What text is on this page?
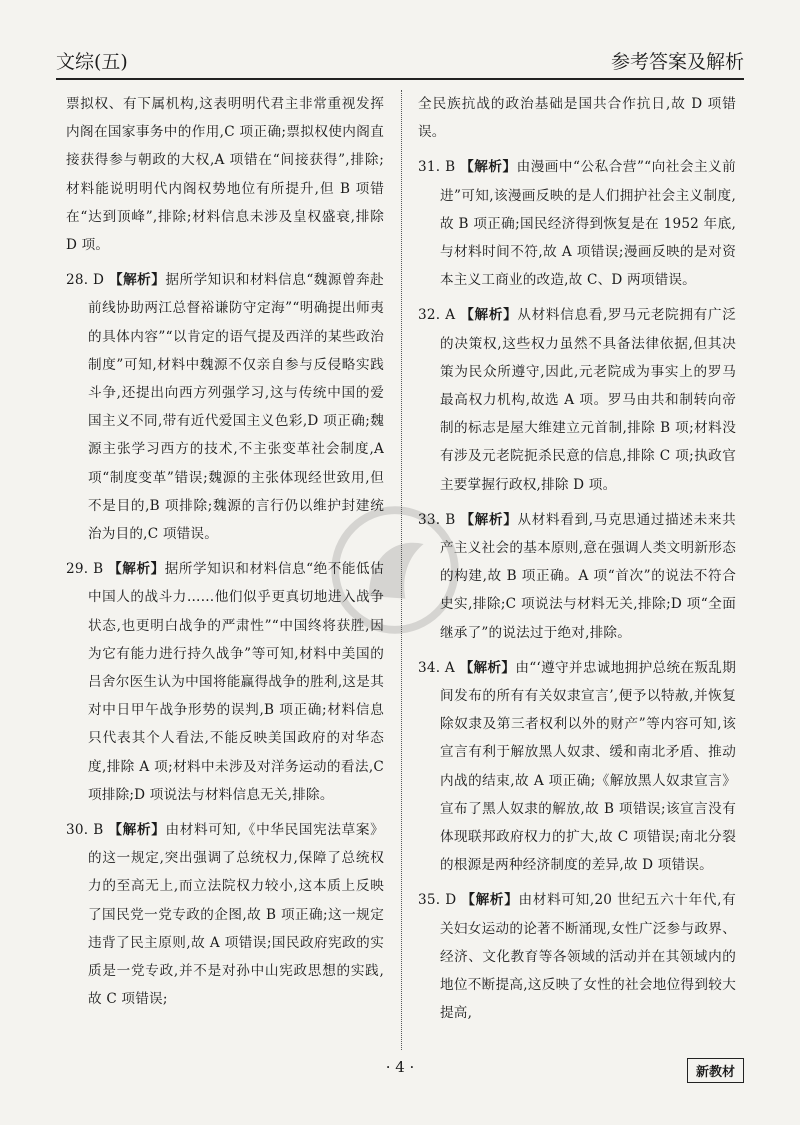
文综(五)	参考答案及解析

票拟权、有下属机构,这表明明代君主非常重视发挥内阁在国家事务中的作用,C 项正确;票拟权使内阁直接获得参与朝政的大权,A 项错在“间接获得”,排除;材料能说明明代内阁权势地位有所提升,但 B 项错在“达到顶峰”,排除;材料信息未涉及皇权盛衰,排除 D 项。

28. D 【解析】据所学知识和材料信息“魏源曾奔赴前线协助两江总督裕谦防守定海”“明确提出师夷的具体内容”“以肯定的语气提及西洋的某些政治制度”可知,材料中魏源不仅亲自参与反侵略实践斗争,还提出向西方列强学习,这与传统中国的爱国主义不同,带有近代爱国主义色彩,D 项正确;魏源主张学习西方的技术,不主张变革社会制度,A 项“制度变革”错误;魏源的主张体现经世致用,但不是目的,B 项排除;魏源的言行仍以维护封建统治为目的,C 项错误。

29. B 【解析】据所学知识和材料信息“绝不能低估中国人的战斗力……他们似乎更真切地进入战争状态,也更明白战争的严肃性”“中国终将获胜,因为它有能力进行持久战争”等可知,材料中美国的吕舍尔医生认为中国将能赢得战争的胜利,这是其对中日甲午战争形势的误判,B 项正确;材料信息只代表其个人看法,不能反映美国政府的对华态度,排除 A 项;材料中未涉及对洋务运动的看法,C 项排除;D 项说法与材料信息无关,排除。

30. B 【解析】由材料可知,《中华民国宪法草案》的这一规定,突出强调了总统权力,保障了总统权力的至高无上,而立法院权力较小,这本质上反映了国民党一党专政的企图,故 B 项正确;这一规定违背了民主原则,故 A 项错误;国民政府宪政的实质是一党专政,并不是对孙中山宪政思想的实践,故 C 项错误;

全民族抗战的政治基础是国共合作抗日,故 D 项错误。

31. B 【解析】由漫画中“公私合营”“向社会主义前进”可知,该漫画反映的是人们拥护社会主义制度,故 B 项正确;国民经济得到恢复是在 1952 年底,与材料时间不符,故 A 项错误;漫画反映的是对资本主义工商业的改造,故 C、D 两项错误。

32. A 【解析】从材料信息看,罗马元老院拥有广泛的决策权,这些权力虽然不具备法律依据,但其决策为民众所遵守,因此,元老院成为事实上的罗马最高权力机构,故选 A 项。罗马由共和制转向帝制的标志是屋大维建立元首制,排除 B 项;材料没有涉及元老院扼杀民意的信息,排除 C 项;执政官主要掌握行政权,排除 D 项。

33. B 【解析】从材料看到,马克思通过描述未来共产主义社会的基本原则,意在强调人类文明新形态的构建,故 B 项正确。A 项“首次”的说法不符合史实,排除;C 项说法与材料无关,排除;D 项“全面继承了”的说法过于绝对,排除。

34. A 【解析】由“‘遵守并忠诚地拥护总统在叛乱期间发布的所有有关奴隶宣言’,便予以特赦,并恢复除奴隶及第三者权利以外的财产”等内容可知,该宣言有利于解放黑人奴隶、缓和南北矛盾、推动内战的结束,故 A 项正确;《解放黑人奴隶宣言》宣布了黑人奴隶的解放,故 B 项错误;该宣言没有体现联邦政府权力的扩大,故 C 项错误;南北分裂的根源是两种经济制度的差异,故 D 项错误。

35. D 【解析】由材料可知,20 世纪五六十年代,有关妇女运动的论著不断涌现,女性广泛参与政界、经济、文化教育等各领域的活动并在其领域内的地位不断提高,这反映了女性的社会地位得到较大提高,

· 4 ·	新教材
